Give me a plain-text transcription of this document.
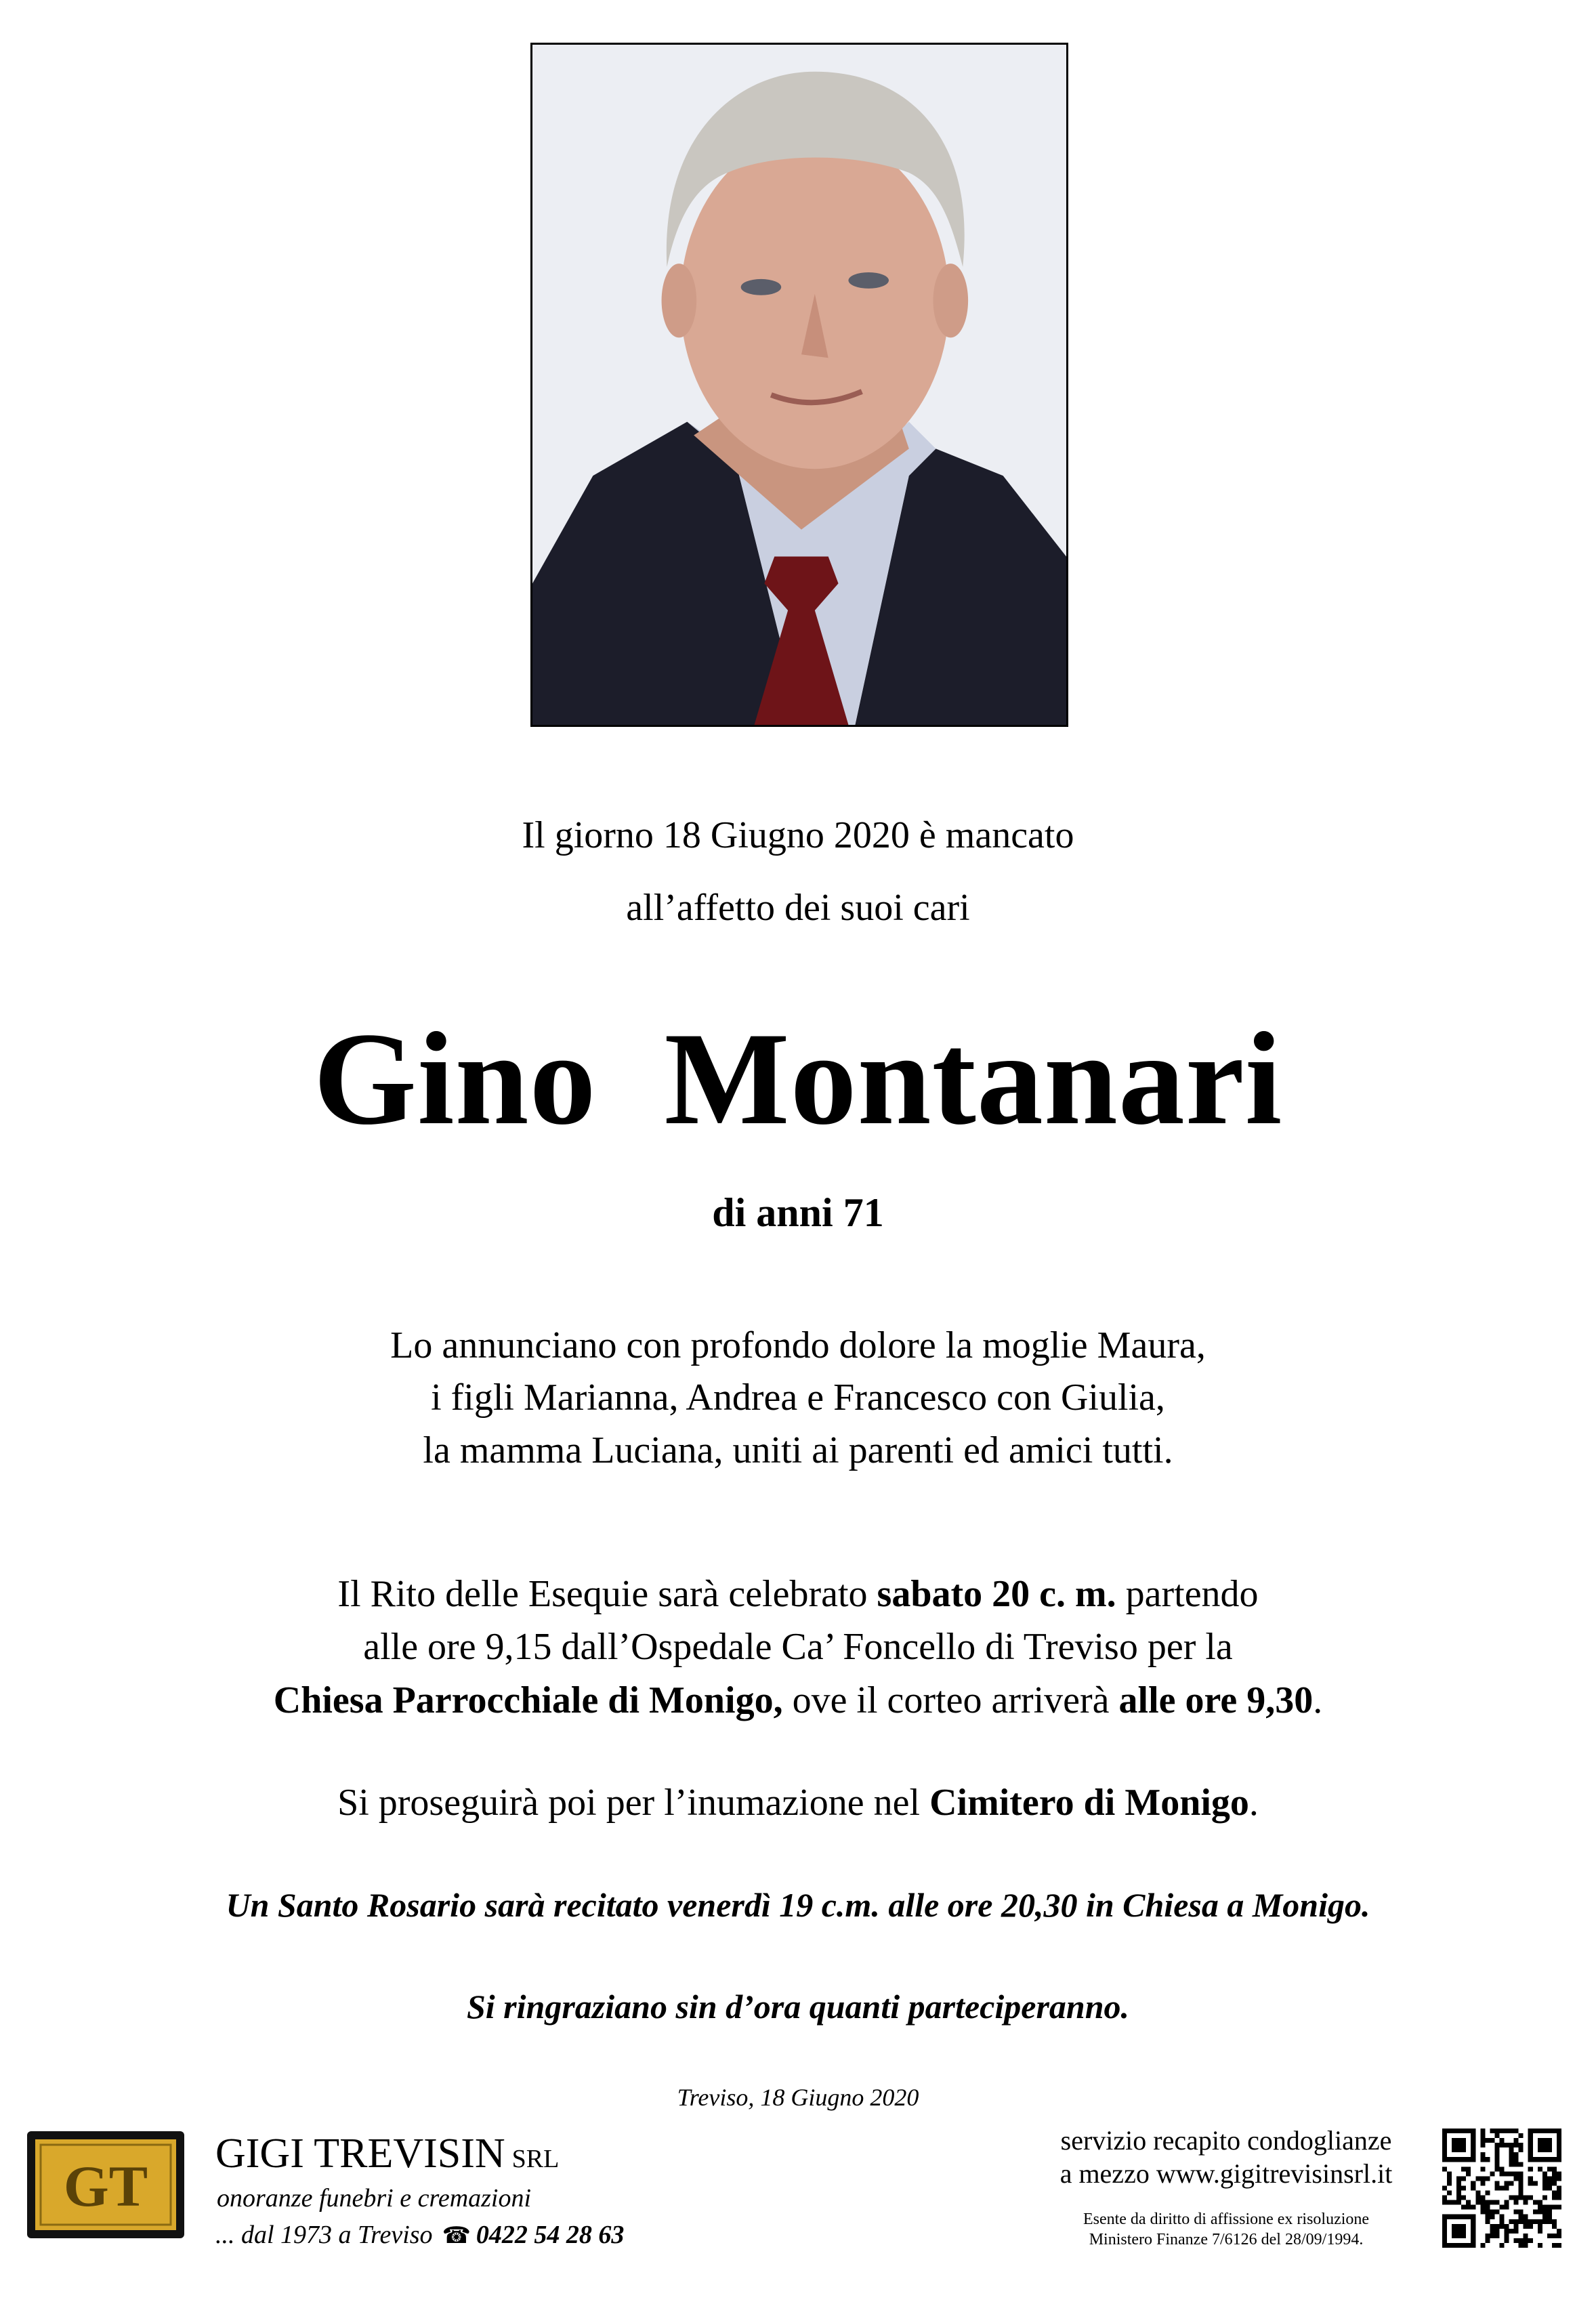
Il giorno 18 Giugno 2020 è mancato
all’affetto dei suoi cari
Gino  Montanari
di anni 71
Lo annunciano con profondo dolore la moglie Maura,
i figli Marianna, Andrea e Francesco con Giulia,
la mamma Luciana, uniti ai parenti ed amici tutti.
Il Rito delle Esequie sarà celebrato sabato 20 c. m. partendo
alle ore 9,15 dall’Ospedale Ca’ Foncello di Treviso per la
Chiesa Parrocchiale di Monigo, ove il corteo arriverà alle ore 9,30.
Si proseguirà poi per l’inumazione nel Cimitero di Monigo.
Un Santo Rosario sarà recitato venerdì 19 c.m. alle ore 20,30 in Chiesa a Monigo.
Si ringraziano sin d’ora quanti parteciperanno.
Treviso, 18 Giugno 2020
GT GIGI TREVISIN SRL
onoranze funebri e cremazioni
... dal 1973 a Treviso ☎ 0422 54 28 63
servizio recapito condoglianze
a mezzo www.gigitrevisinsrl.it
Esente da diritto di affissione ex risoluzione
Ministero Finanze 7/6126 del 28/09/1994.
